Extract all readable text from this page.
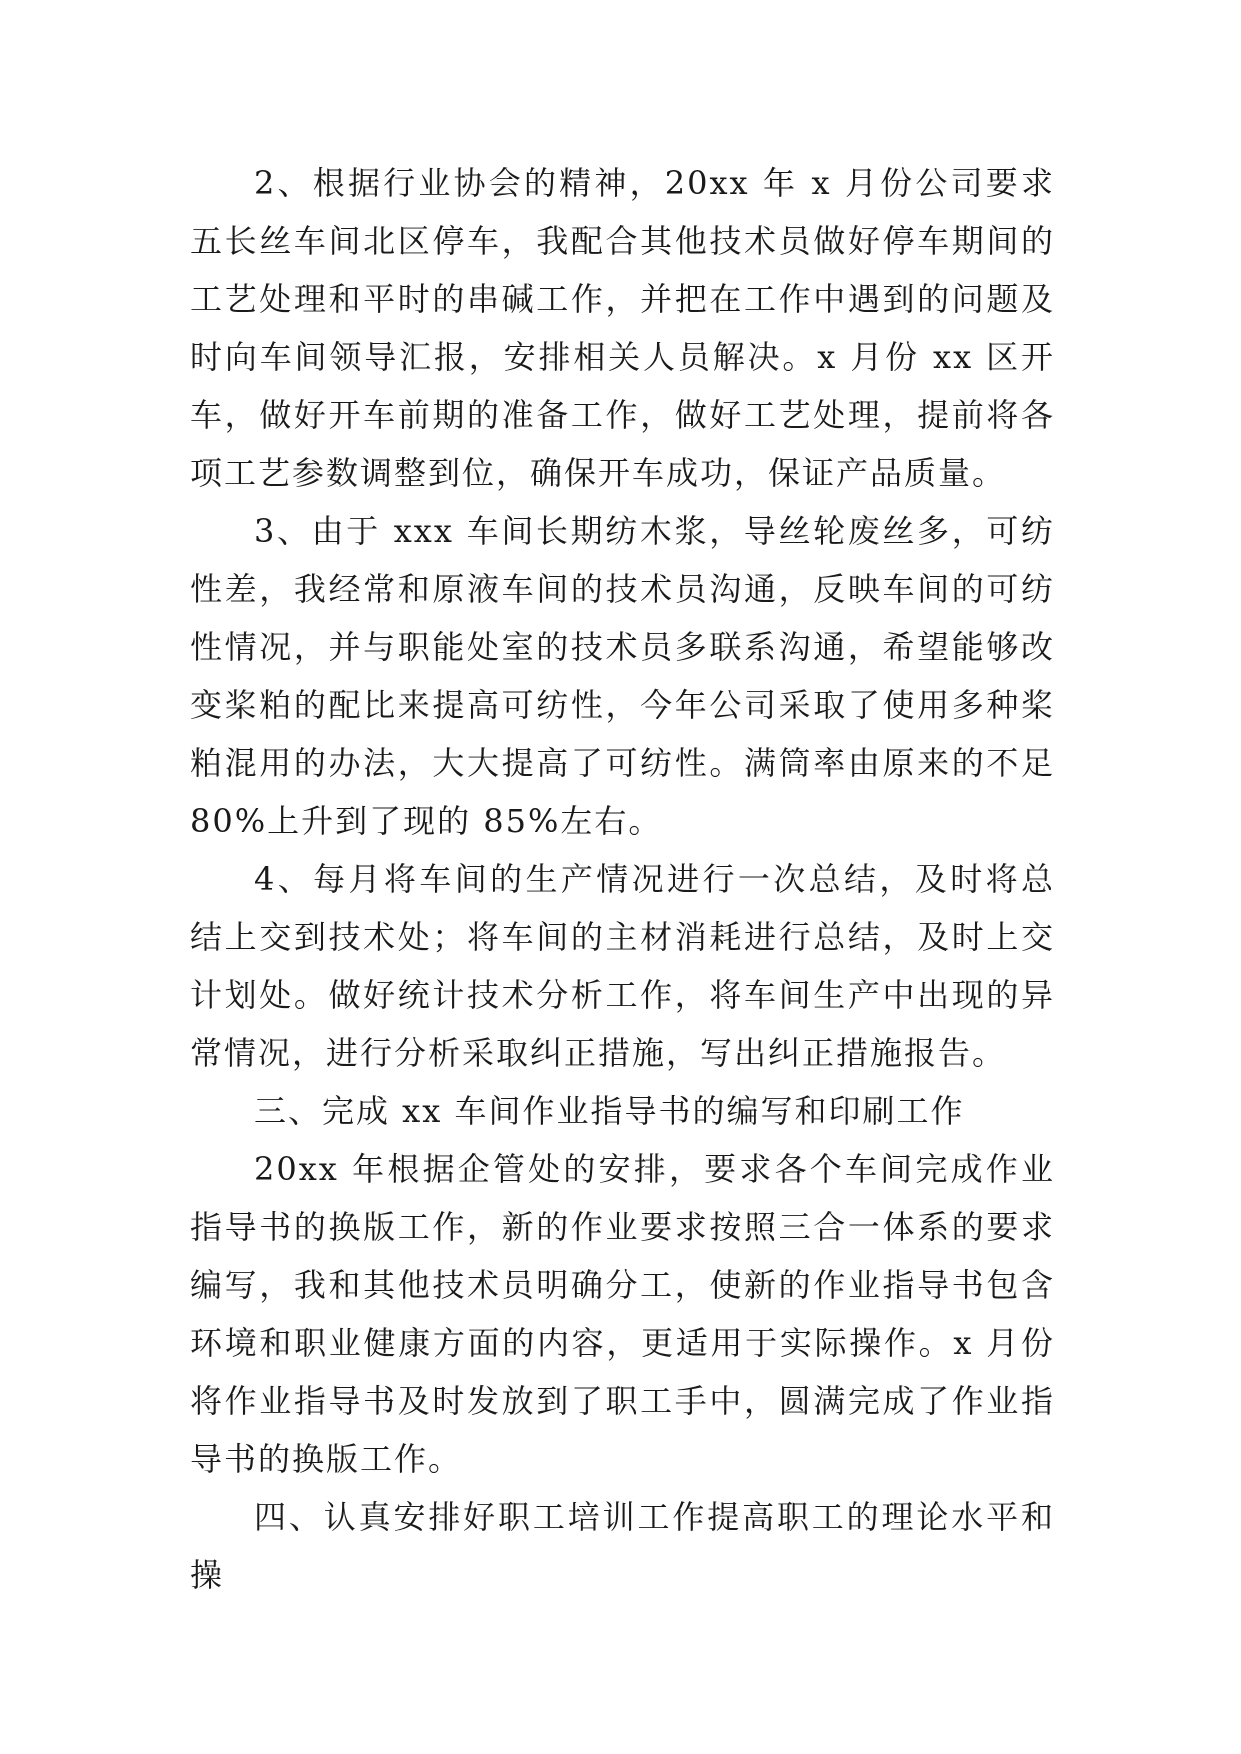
2、根据行业协会的精神，20xx 年 x 月份公司要求五长丝车间北区停车，我配合其他技术员做好停车期间的工艺处理和平时的串碱工作，并把在工作中遇到的问题及时向车间领导汇报，安排相关人员解决。x 月份 xx 区开车，做好开车前期的准备工作，做好工艺处理，提前将各项工艺参数调整到位，确保开车成功，保证产品质量。

3、由于 xxx 车间长期纺木浆，导丝轮废丝多，可纺性差，我经常和原液车间的技术员沟通，反映车间的可纺性情况，并与职能处室的技术员多联系沟通，希望能够改变桨粕的配比来提高可纺性，今年公司采取了使用多种桨粕混用的办法，大大提高了可纺性。满筒率由原来的不足 80%上升到了现的 85%左右。

4、每月将车间的生产情况进行一次总结，及时将总结上交到技术处；将车间的主材消耗进行总结，及时上交计划处。做好统计技术分析工作，将车间生产中出现的异常情况，进行分析采取纠正措施，写出纠正措施报告。

三、完成 xx 车间作业指导书的编写和印刷工作

20xx 年根据企管处的安排，要求各个车间完成作业指导书的换版工作，新的作业要求按照三合一体系的要求编写，我和其他技术员明确分工，使新的作业指导书包含环境和职业健康方面的内容，更适用于实际操作。x 月份将作业指导书及时发放到了职工手中，圆满完成了作业指导书的换版工作。

四、认真安排好职工培训工作提高职工的理论水平和操
